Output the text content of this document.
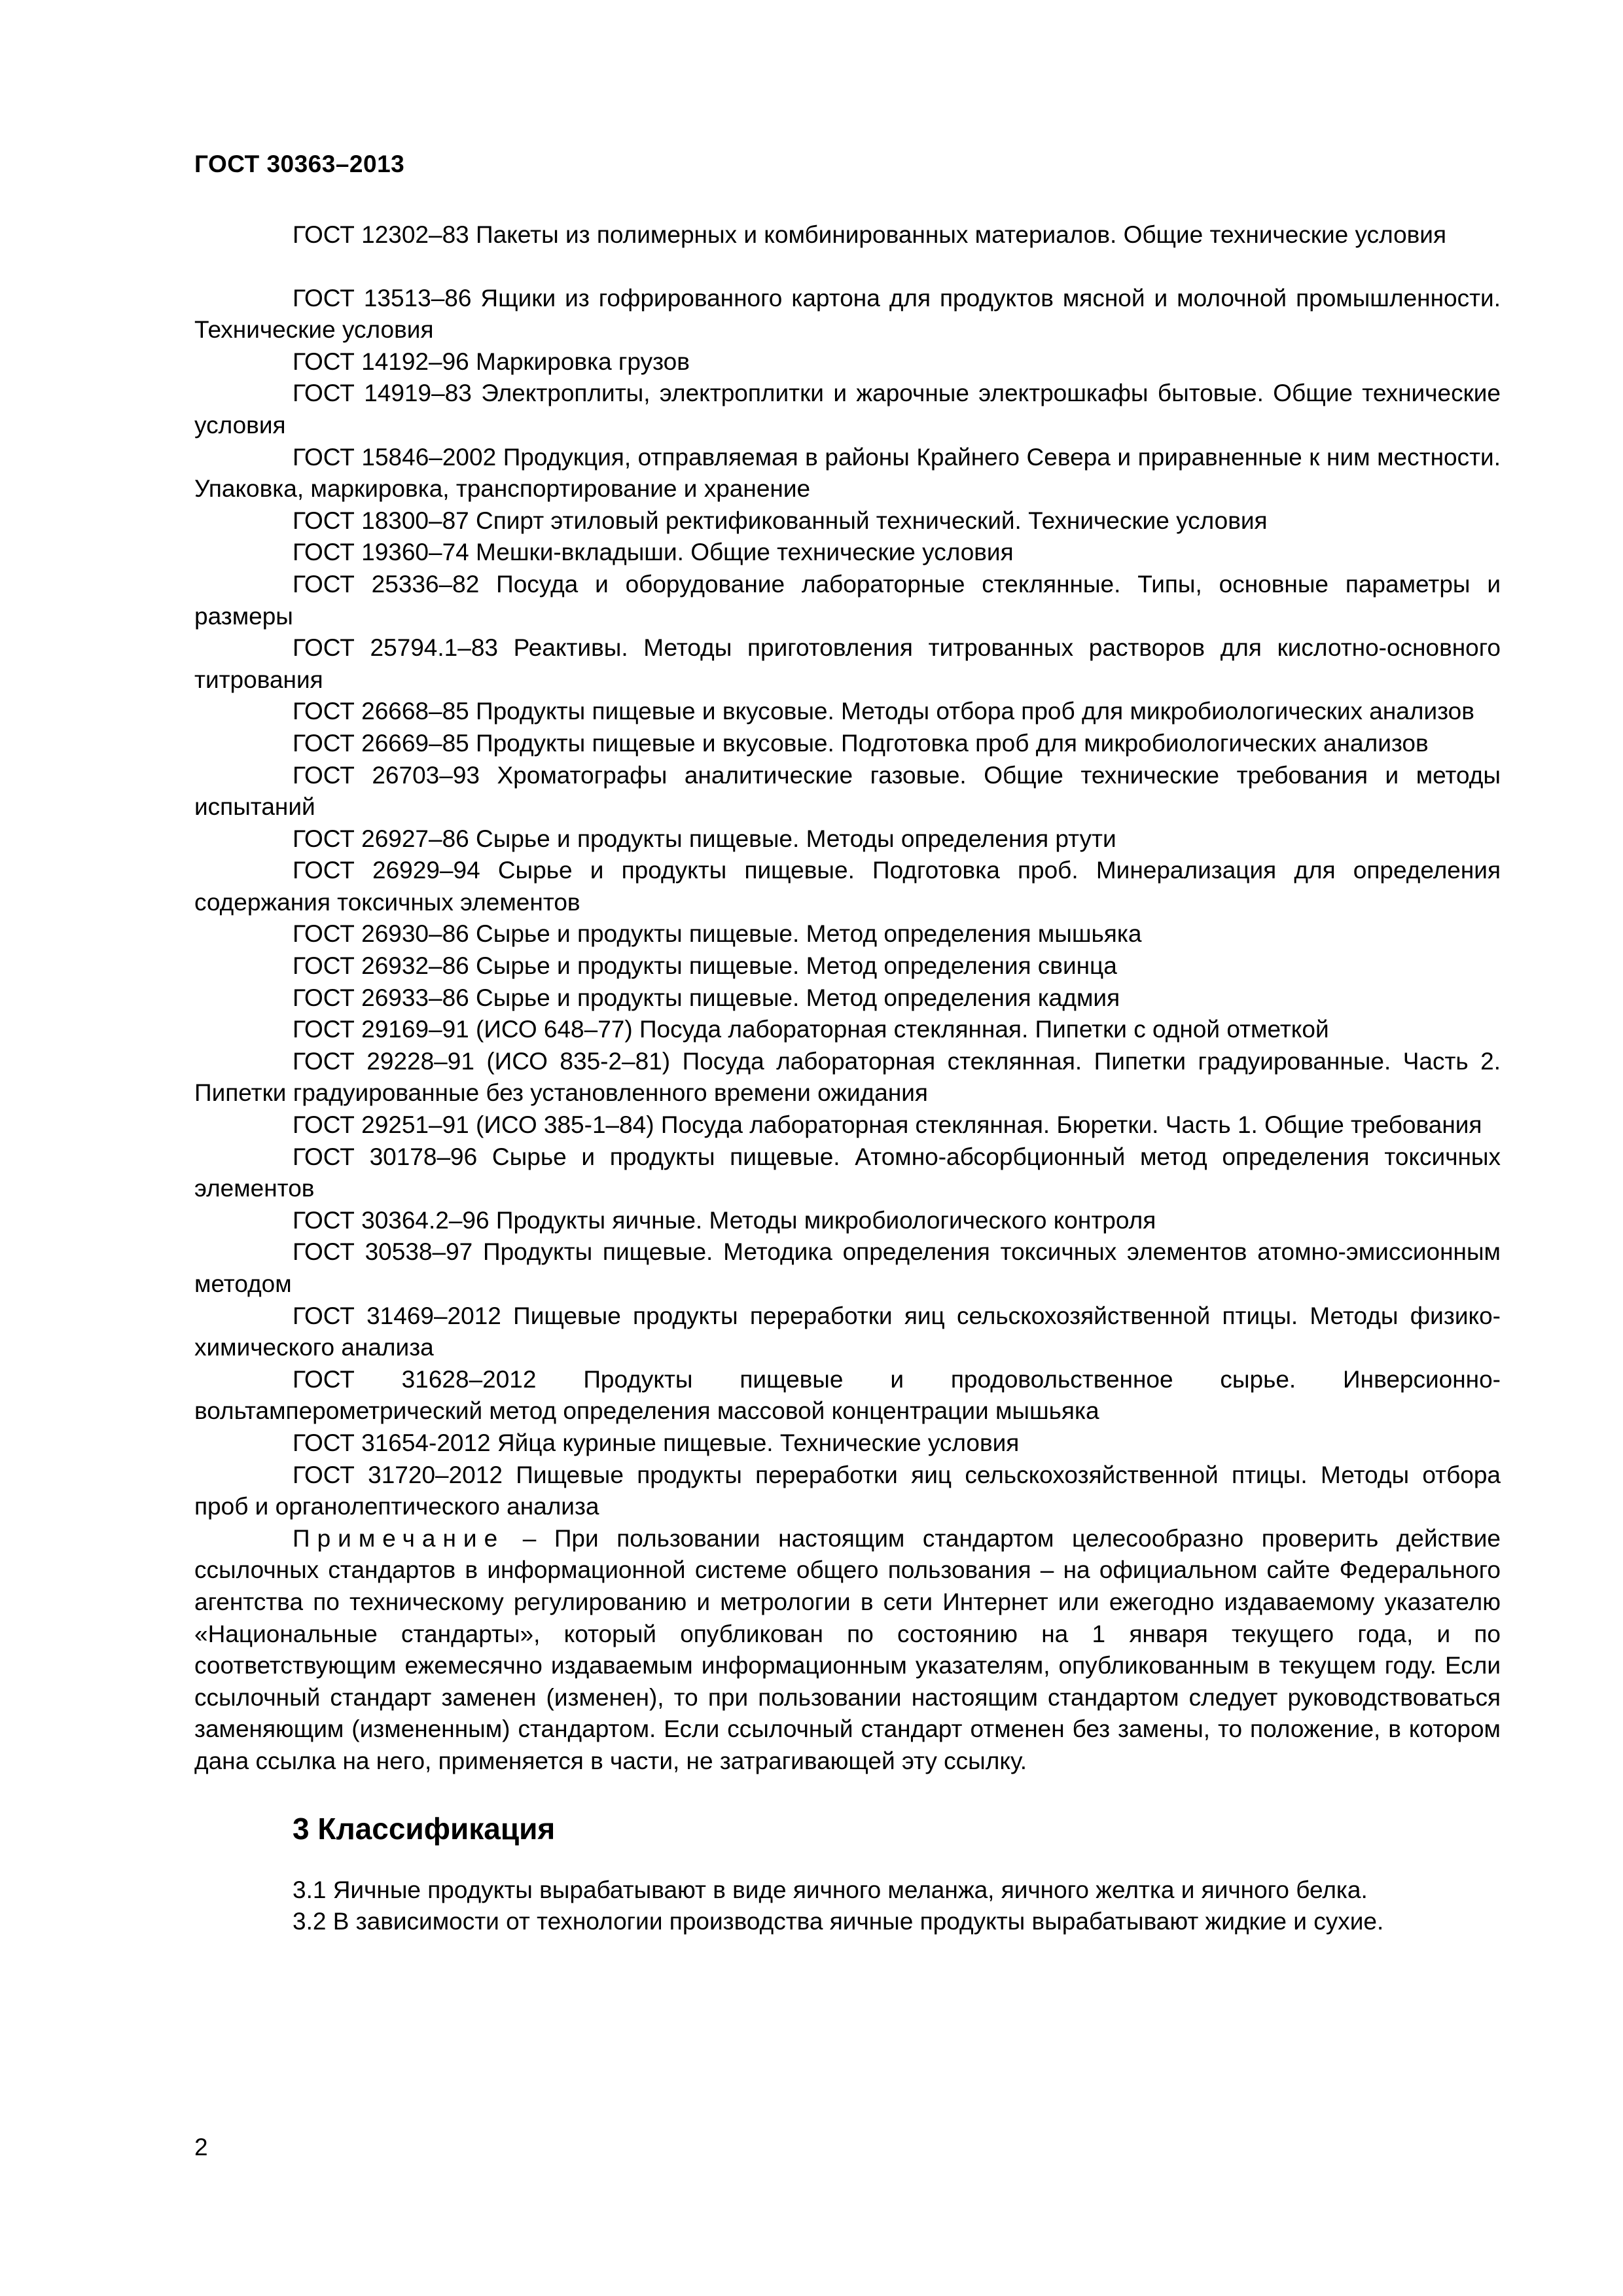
ГОСТ 30363–2013

ГОСТ 12302–83 Пакеты из полимерных и комбинированных материалов. Общие технические условия

ГОСТ 13513–86 Ящики из гофрированного картона для продуктов мясной и молочной промышленности. Технические условия

ГОСТ 14192–96 Маркировка грузов

ГОСТ 14919–83 Электроплиты, электроплитки и жарочные электрошкафы бытовые. Общие технические условия

ГОСТ 15846–2002 Продукция, отправляемая в районы Крайнего Севера и приравненные к ним местности. Упаковка, маркировка, транспортирование и хранение

ГОСТ 18300–87 Спирт этиловый ректификованный технический. Технические условия

ГОСТ 19360–74 Мешки-вкладыши. Общие технические условия

ГОСТ 25336–82 Посуда и оборудование лабораторные стеклянные. Типы, основные параметры и размеры

ГОСТ 25794.1–83 Реактивы. Методы приготовления титрованных растворов для кислотно-основного титрования

ГОСТ 26668–85 Продукты пищевые и вкусовые. Методы отбора проб для микробиологических анализов

ГОСТ 26669–85 Продукты пищевые и вкусовые. Подготовка проб для микробиологических анализов

ГОСТ 26703–93 Хроматографы аналитические газовые. Общие технические требования и методы испытаний

ГОСТ 26927–86 Сырье и продукты пищевые. Методы определения ртути

ГОСТ 26929–94 Сырье и продукты пищевые. Подготовка проб. Минерализация для определения содержания токсичных элементов

ГОСТ 26930–86 Сырье и продукты пищевые. Метод определения мышьяка

ГОСТ 26932–86 Сырье и продукты пищевые. Метод определения свинца

ГОСТ 26933–86 Сырье и продукты пищевые. Метод определения кадмия

ГОСТ 29169–91 (ИСО 648–77) Посуда лабораторная стеклянная. Пипетки с одной отметкой

ГОСТ 29228–91 (ИСО 835-2–81) Посуда лабораторная стеклянная. Пипетки градуированные. Часть 2. Пипетки градуированные без установленного времени ожидания

ГОСТ 29251–91 (ИСО 385-1–84) Посуда лабораторная стеклянная. Бюретки. Часть 1. Общие требования

ГОСТ 30178–96 Сырье и продукты пищевые. Атомно-абсорбционный метод определения токсичных элементов

ГОСТ 30364.2–96 Продукты яичные. Методы микробиологического контроля

ГОСТ 30538–97 Продукты пищевые. Методика определения токсичных элементов атомно-эмиссионным методом

ГОСТ 31469–2012 Пищевые продукты переработки яиц сельскохозяйственной птицы. Методы физико-химического анализа

ГОСТ 31628–2012 Продукты пищевые и продовольственное сырье. Инверсионно-вольтамперометрический метод определения массовой концентрации мышьяка

ГОСТ 31654-2012 Яйца куриные пищевые. Технические условия

ГОСТ 31720–2012 Пищевые продукты переработки яиц сельскохозяйственной птицы. Методы отбора проб и органолептического анализа

Примечание – При пользовании настоящим стандартом целесообразно проверить действие ссылочных стандартов в информационной системе общего пользования – на официальном сайте Федерального агентства по техническому регулированию и метрологии в сети Интернет или ежегодно издаваемому указателю «Национальные стандарты», который опубликован по состоянию на 1 января текущего года, и по соответствующим ежемесячно издаваемым информационным указателям, опубликованным в текущем году. Если ссылочный стандарт заменен (изменен), то при пользовании настоящим стандартом следует руководствоваться заменяющим (измененным) стандартом. Если ссылочный стандарт отменен без замены, то положение, в котором дана ссылка на него, применяется в части, не затрагивающей эту ссылку.

3 Классификация

3.1 Яичные продукты вырабатывают в виде яичного меланжа, яичного желтка и яичного белка.

3.2 В зависимости от технологии производства яичные продукты вырабатывают жидкие и сухие.

2
